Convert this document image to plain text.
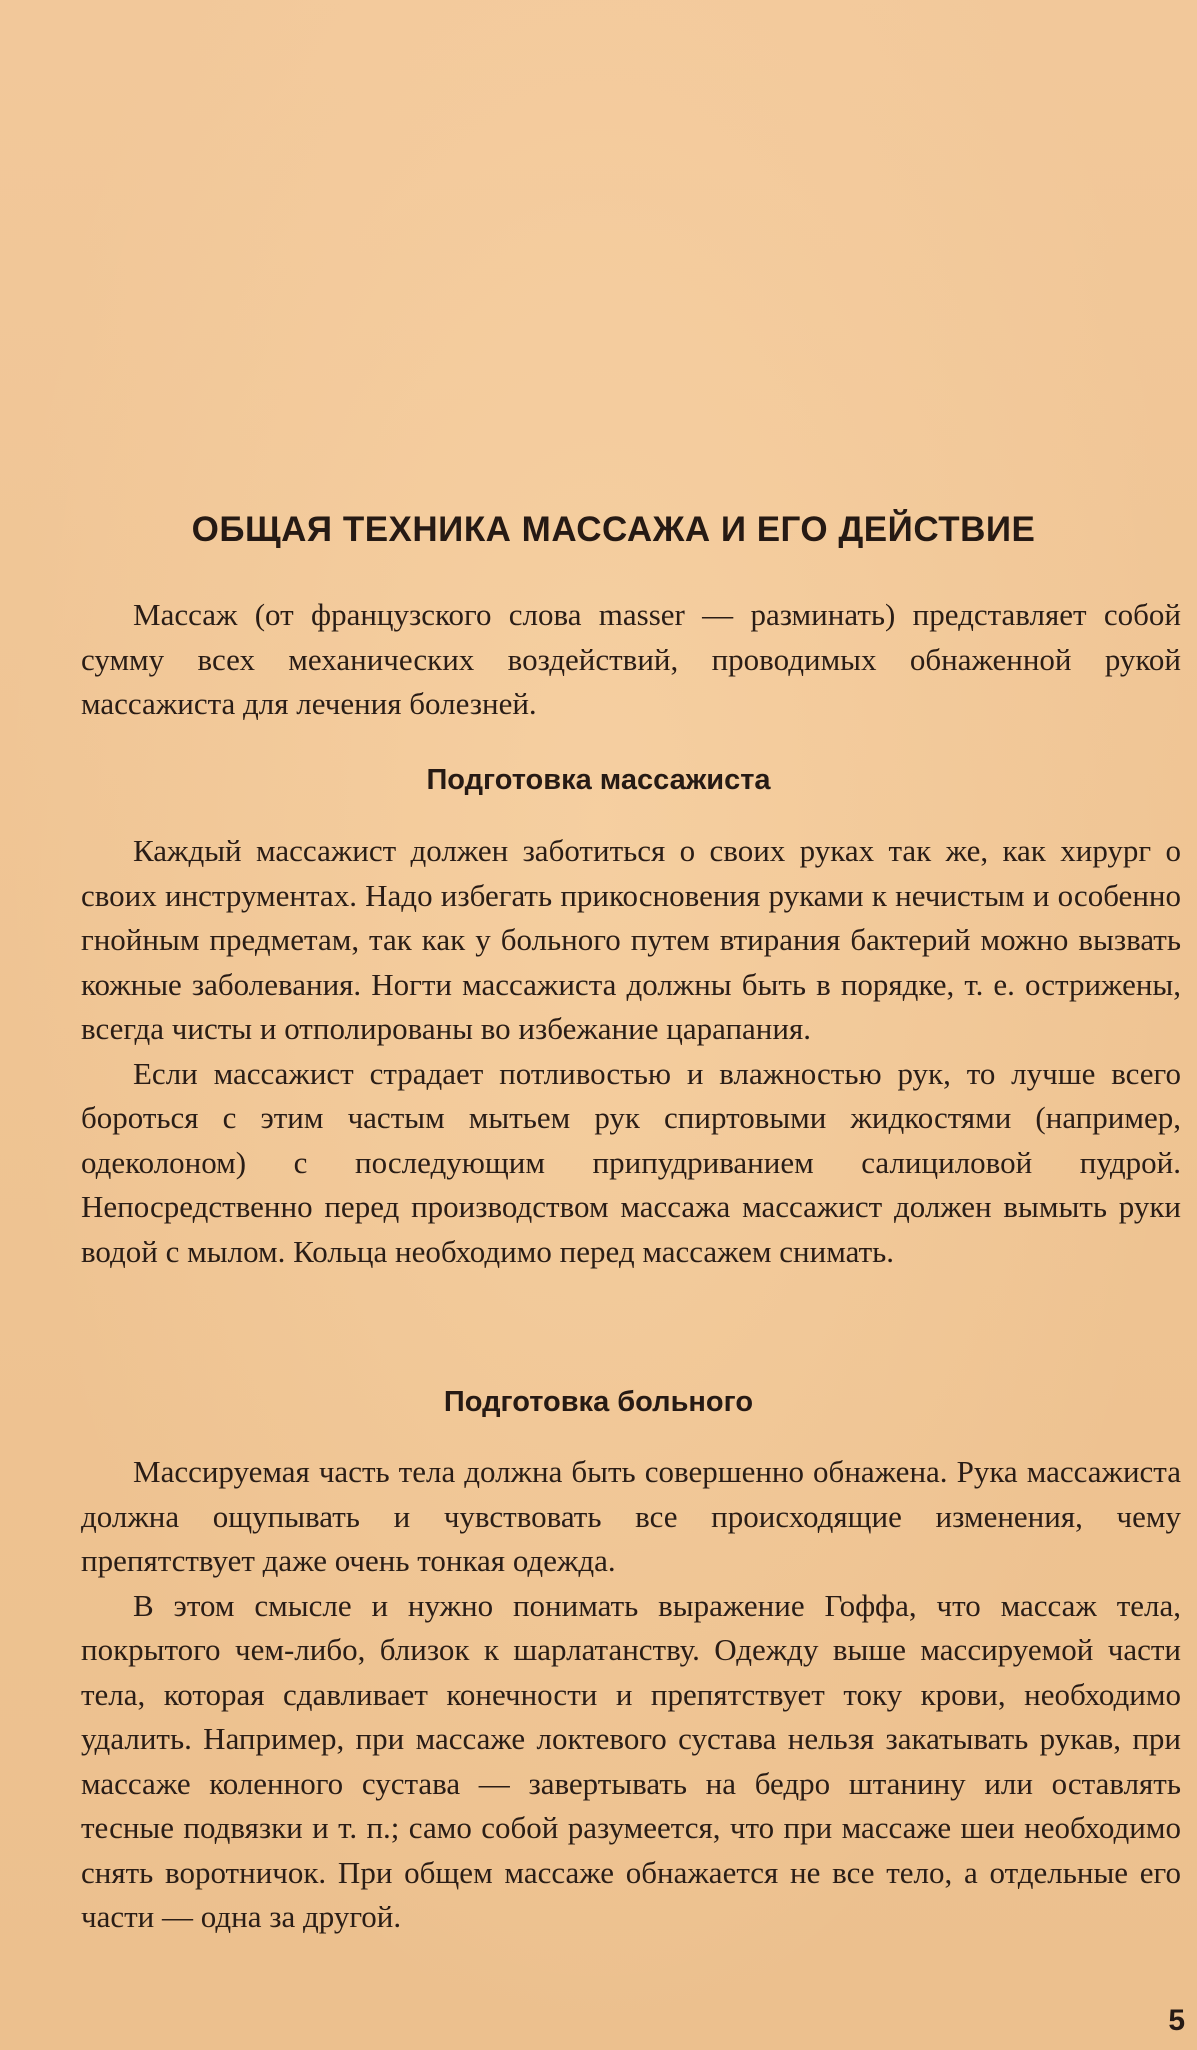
ОБЩАЯ ТЕХНИКА МАССАЖА И ЕГО ДЕЙСТВИЕ

Массаж (от французского слова masser — разминать) представляет собой сумму всех механических воздействий, проводимых обнаженной рукой массажиста для лечения болезней.

Подготовка массажиста

Каждый массажист должен заботиться о своих руках так же, как хирург о своих инструментах. Надо избегать прикосновения руками к нечистым и особенно гнойным предметам, так как у больного путем втирания бактерий можно вызвать кожные заболевания. Ногти массажиста должны быть в порядке, т. е. острижены, всегда чисты и отполированы во избежание царапания.

Если массажист страдает потливостью и влажностью рук, то лучше всего бороться с этим частым мытьем рук спиртовыми жидкостями (например, одеколоном) с последующим припудриванием салициловой пудрой. Непосредственно перед производством массажа массажист должен вымыть руки водой с мылом. Кольца необходимо перед массажем снимать.

Подготовка больного

Массируемая часть тела должна быть совершенно обнажена. Рука массажиста должна ощупывать и чувствовать все происходящие изменения, чему препятствует даже очень тонкая одежда.

В этом смысле и нужно понимать выражение Гоффа, что массаж тела, покрытого чем-либо, близок к шарлатанству. Одежду выше массируемой части тела, которая сдавливает конечности и препятствует току крови, необходимо удалить. Например, при массаже локтевого сустава нельзя закатывать рукав, при массаже коленного сустава — завертывать на бедро штанину или оставлять тесные подвязки и т. п.; само собой разумеется, что при массаже шеи необходимо снять воротничок. При общем массаже обнажается не все тело, а отдельные его части — одна за другой.

5
